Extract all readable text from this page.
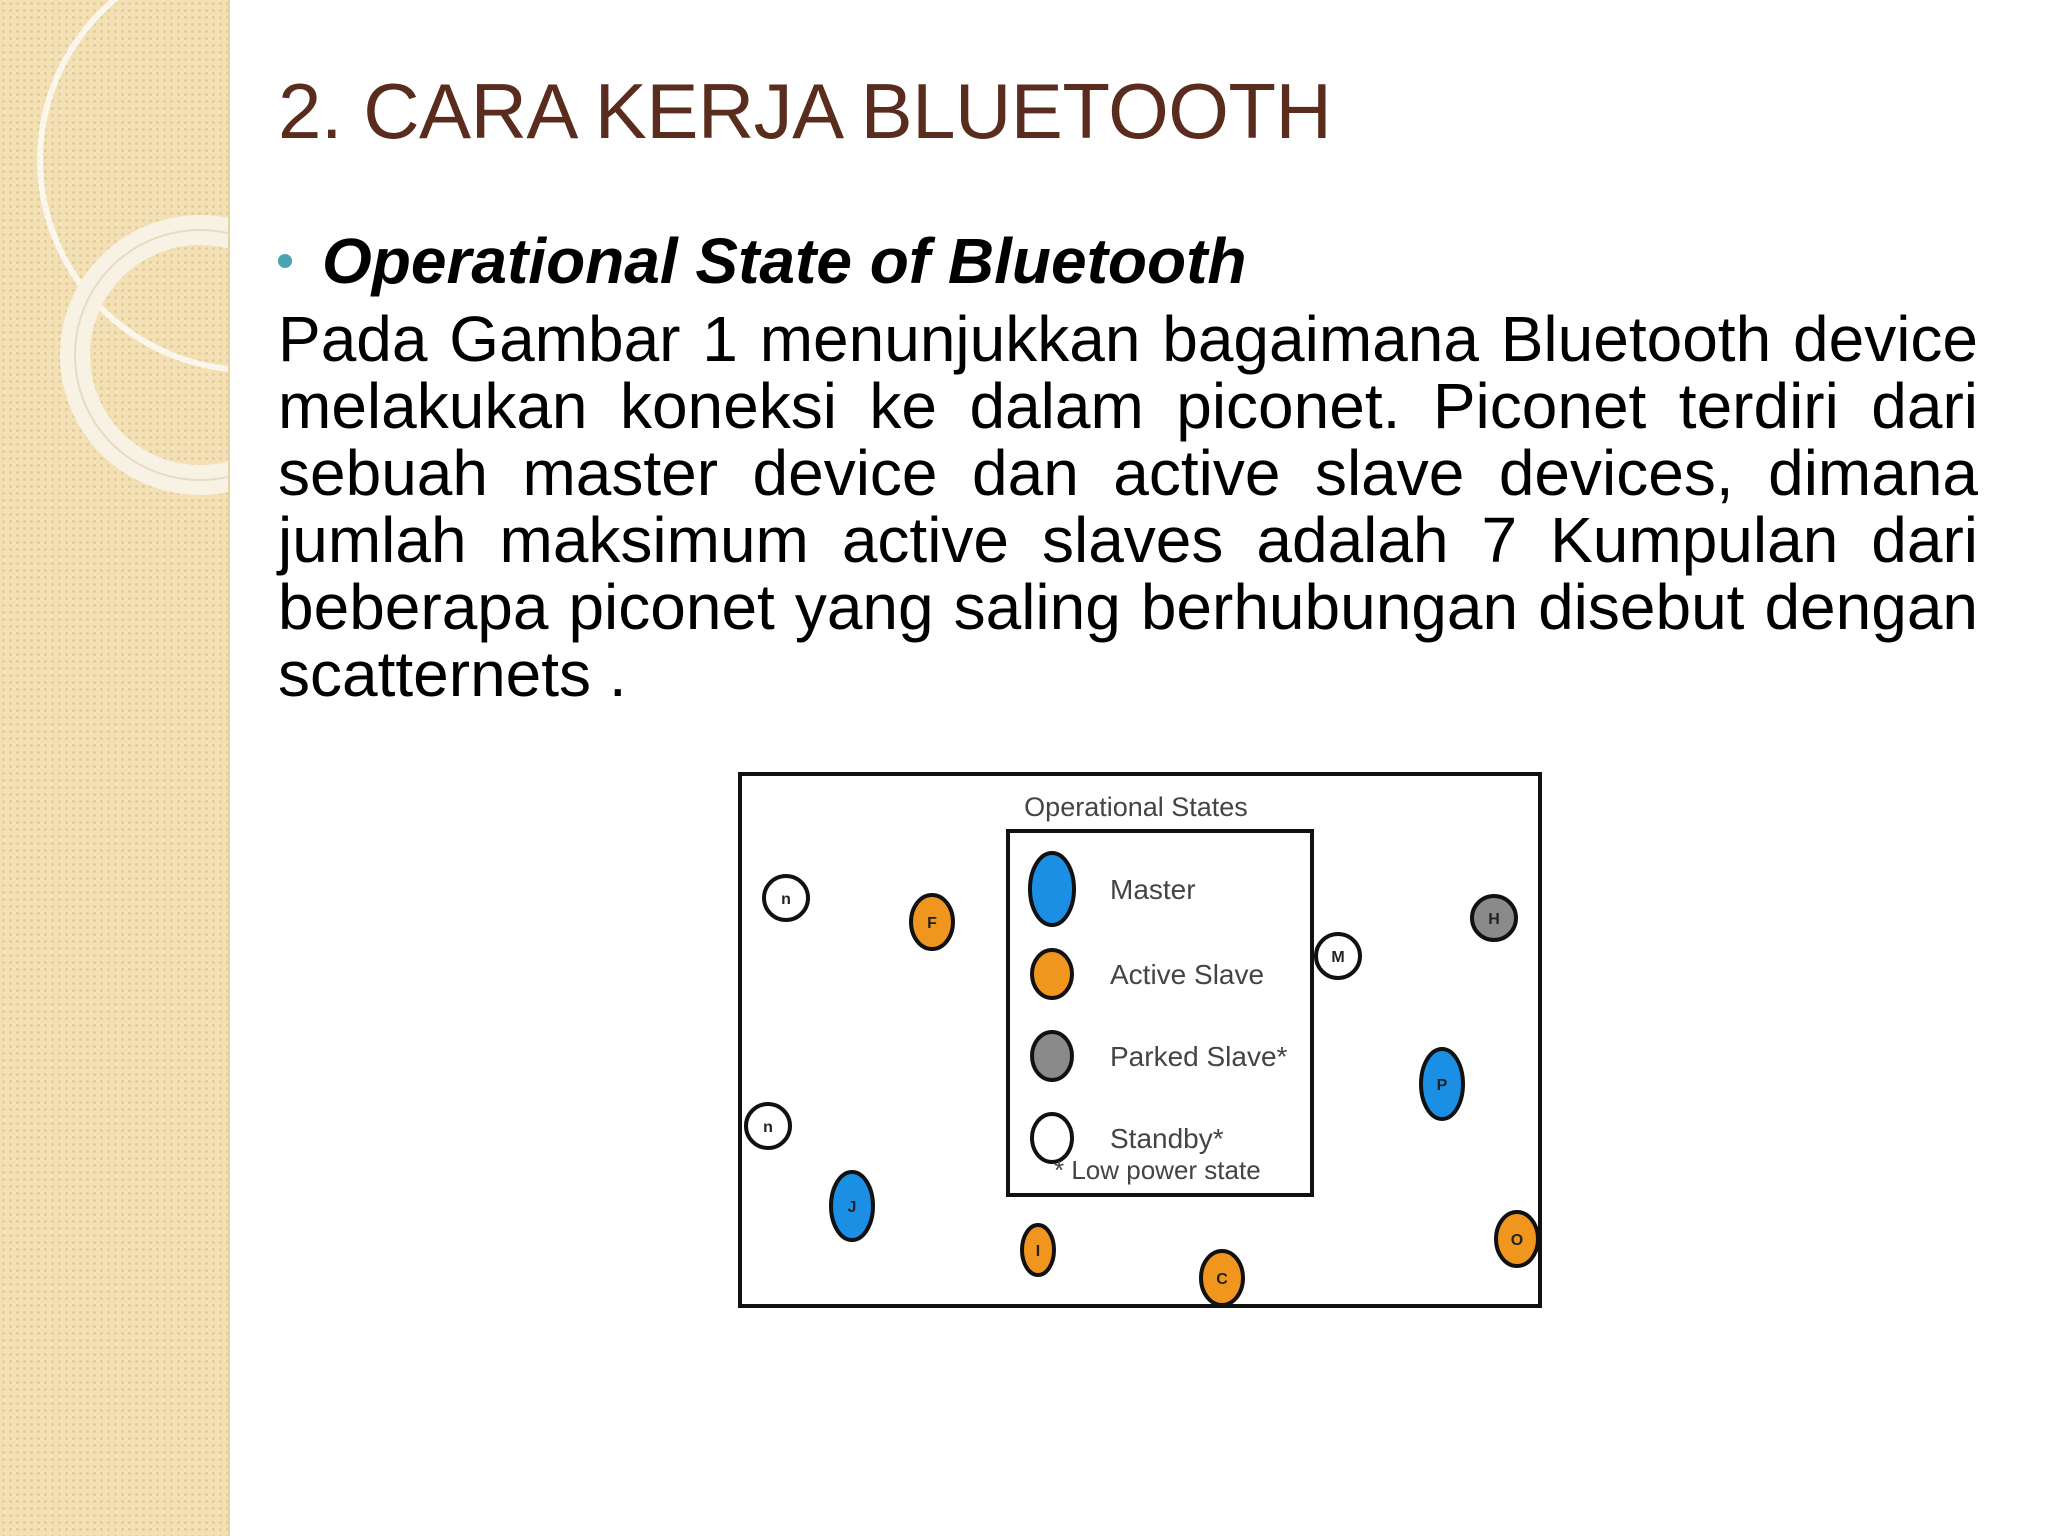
2. CARA KERJA BLUETOOTH
Operational State of Bluetooth

Pada Gambar 1 menunjukkan bagaimana Bluetooth device melakukan koneksi ke dalam piconet. Piconet terdiri dari sebuah master device dan active slave devices, dimana jumlah maksimum active slaves adalah 7 Kumpulan dari beberapa piconet yang saling berhubungan disebut dengan scatternets .

Operational States
Master
Active Slave
Parked Slave*
Standby*
* Low power state
n
F
M
H
P
n
J
I
C
O
